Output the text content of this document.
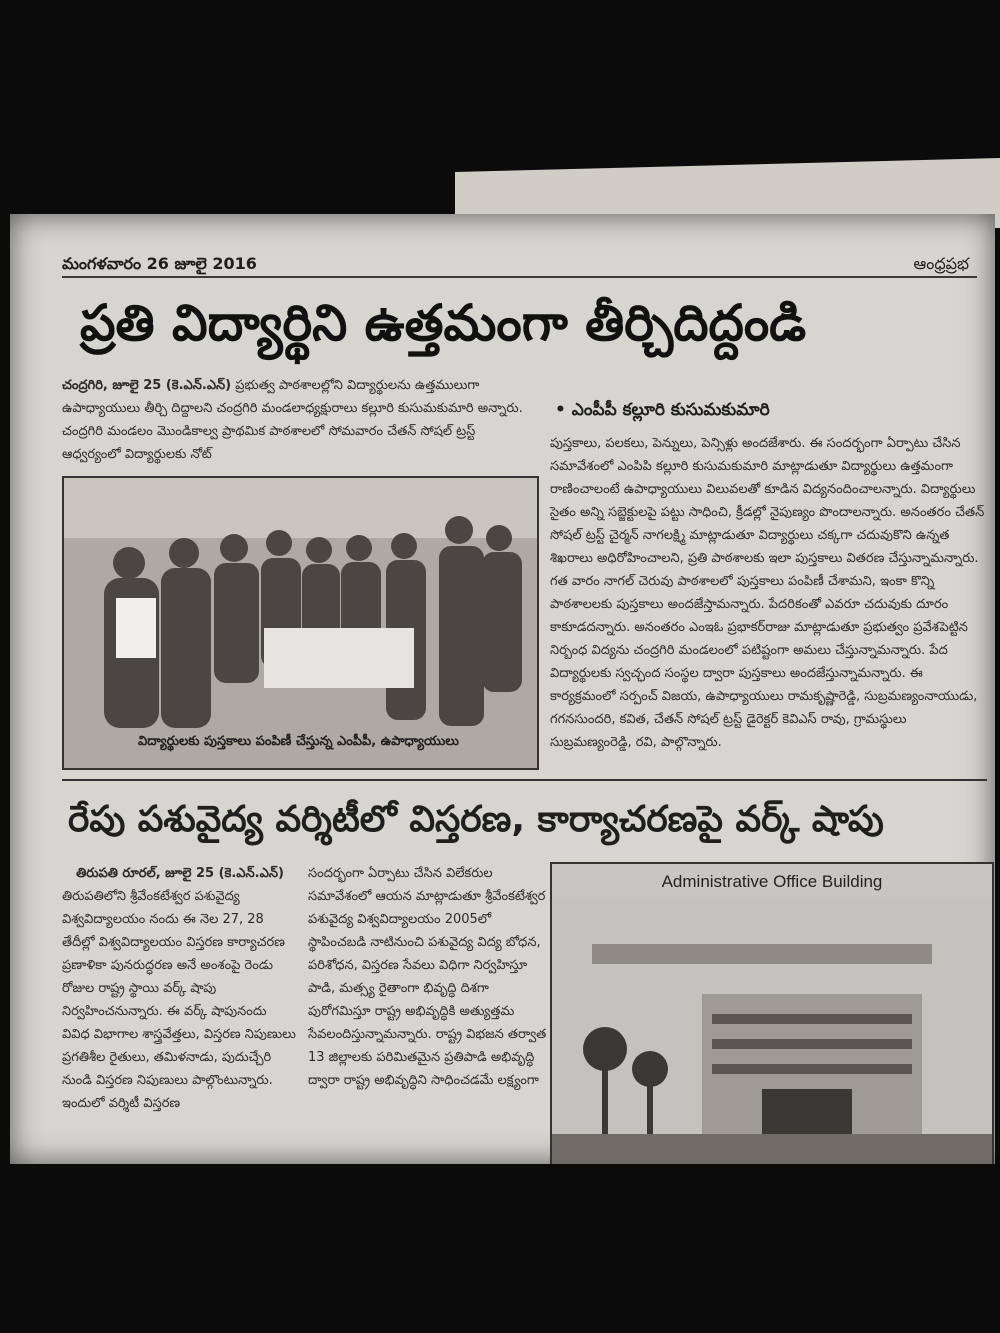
మంగళవారం 26 జూలై 2016	ఆంధ్రప్రభ
ప్రతి విద్యార్థిని ఉత్తమంగా తీర్చిదిద్దండి
చంద్రగిరి, జూలై 25 (కె.ఎన్.ఎన్) ప్రభుత్వ పాఠశాలల్లోని విద్యార్థులను ఉత్తములుగా ఉపాధ్యాయులు తీర్చి దిద్దాలని చంద్రగిరి మండలాధ్యక్షురాలు కల్లూరి కుసుమకుమారి అన్నారు. చంద్రగిరి మండలం మొండికాల్వ ప్రాథమిక పాఠశాలలో సోమవారం చేతన్ సోషల్ ట్రస్ట్ ఆధ్వర్యంలో విద్యార్థులకు నోట్
విద్యార్థులకు పుస్తకాలు పంపిణీ చేస్తున్న ఎంపీపీ, ఉపాధ్యాయులు
• ఎంపీపీ కల్లూరి కుసుమకుమారి
పుస్తకాలు, పలకలు, పెన్నులు, పెన్సిళ్లు అందజేశారు. ఈ సందర్భంగా ఏర్పాటు చేసిన సమావేశంలో ఎంపిపి కల్లూరి కుసుమకుమారి మాట్లాడుతూ విద్యార్థులు ఉత్తమంగా రాణించాలంటే ఉపాధ్యాయులు విలువలతో కూడిన విద్యనందించాలన్నారు. విద్యార్థులు సైతం అన్ని సబ్జెక్టులపై పట్టు సాధించి, క్రీడల్లో నైపుణ్యం పొందాలన్నారు. అనంతరం చేతన్ సోషల్ ట్రస్ట్ చైర్మన్ నాగలక్ష్మి మాట్లాడుతూ విద్యార్థులు చక్కగా చదువుకొని ఉన్నత శిఖరాలు అధిరోహించాలని, ప్రతి పాఠశాలకు ఇలా పుస్తకాలు వితరణ చేస్తున్నామన్నారు. గత వారం నాగల్ చెరువు పాఠశాలలో పుస్తకాలు పంపిణీ చేశామని, ఇంకా కొన్ని పాఠశాలలకు పుస్తకాలు అందజేస్తామన్నారు. పేదరికంతో ఎవరూ చదువుకు దూరం కాకూడదన్నారు. అనంతరం ఎంఇఓ ప్రభాకర్‌రాజు మాట్లాడుతూ ప్రభుత్వం ప్రవేశపెట్టిన నిర్బంధ విద్యను చంద్రగిరి మండలంలో పటిష్టంగా అమలు చేస్తున్నామన్నారు. పేద విద్యార్థులకు స్వచ్ఛంద సంస్థల ద్వారా పుస్తకాలు అందజేస్తున్నామన్నారు. ఈ కార్యక్రమంలో సర్పంచ్ విజయ, ఉపాధ్యాయులు రామకృష్ణారెడ్డి, సుబ్రమణ్యంనాయుడు, గగనసుందరి, కవిత, చేతన్ సోషల్ ట్రస్ట్ డైరెక్టర్ కెవిఎస్ రావు, గ్రామస్థులు సుబ్రమణ్యంరెడ్డి, రవి, పాల్గొన్నారు.
రేపు పశువైద్య వర్శిటీలో విస్తరణ, కార్యాచరణపై వర్క్ షాపు
తిరుపతి రూరల్, జూలై 25 (కె.ఎన్.ఎన్)
తిరుపతిలోని శ్రీవేంకటేశ్వర పశువైద్య విశ్వవిద్యాలయం నందు ఈ నెల 27, 28 తేదీల్లో విశ్వవిద్యాలయం విస్తరణ కార్యాచరణ ప్రణాళికా పునరుద్ధరణ అనే అంశంపై రెండు రోజుల రాష్ట్ర స్థాయి వర్క్ షాపు నిర్వహించనున్నారు. ఈ వర్క్ షాపునందు వివిధ విభాగాల శాస్త్రవేత్తలు, విస్తరణ నిపుణులు ప్రగతిశీల రైతులు, తమిళనాడు, పుదుచ్చేరి నుండి విస్తరణ నిపుణులు పాల్గొంటున్నారు. ఇందులో వర్శిటీ విస్తరణ
సందర్భంగా ఏర్పాటు చేసిన విలేకరుల సమావేశంలో ఆయన మాట్లాడుతూ శ్రీవేంకటేశ్వర పశువైద్య విశ్వవిద్యాలయం 2005లో స్థాపించబడి నాటినుంచి పశువైద్య విద్య బోధన, పరిశోధన, విస్తరణ సేవలు విధిగా నిర్వహిస్తూ పాడి, మత్స్య రైతాంగా భివృద్ధి దిశగా పురోగమిస్తూ రాష్ట్ర అభివృద్ధికి అత్యుత్తమ సేవలందిస్తున్నామన్నారు. రాష్ట్ర విభజన తర్వాత 13 జిల్లాలకు పరిమితమైన ప్రతిపాడి అభివృద్ధి ద్వారా రాష్ట్ర అభివృద్ధిని సాధించడమే లక్ష్యంగా
Administrative Office Building
